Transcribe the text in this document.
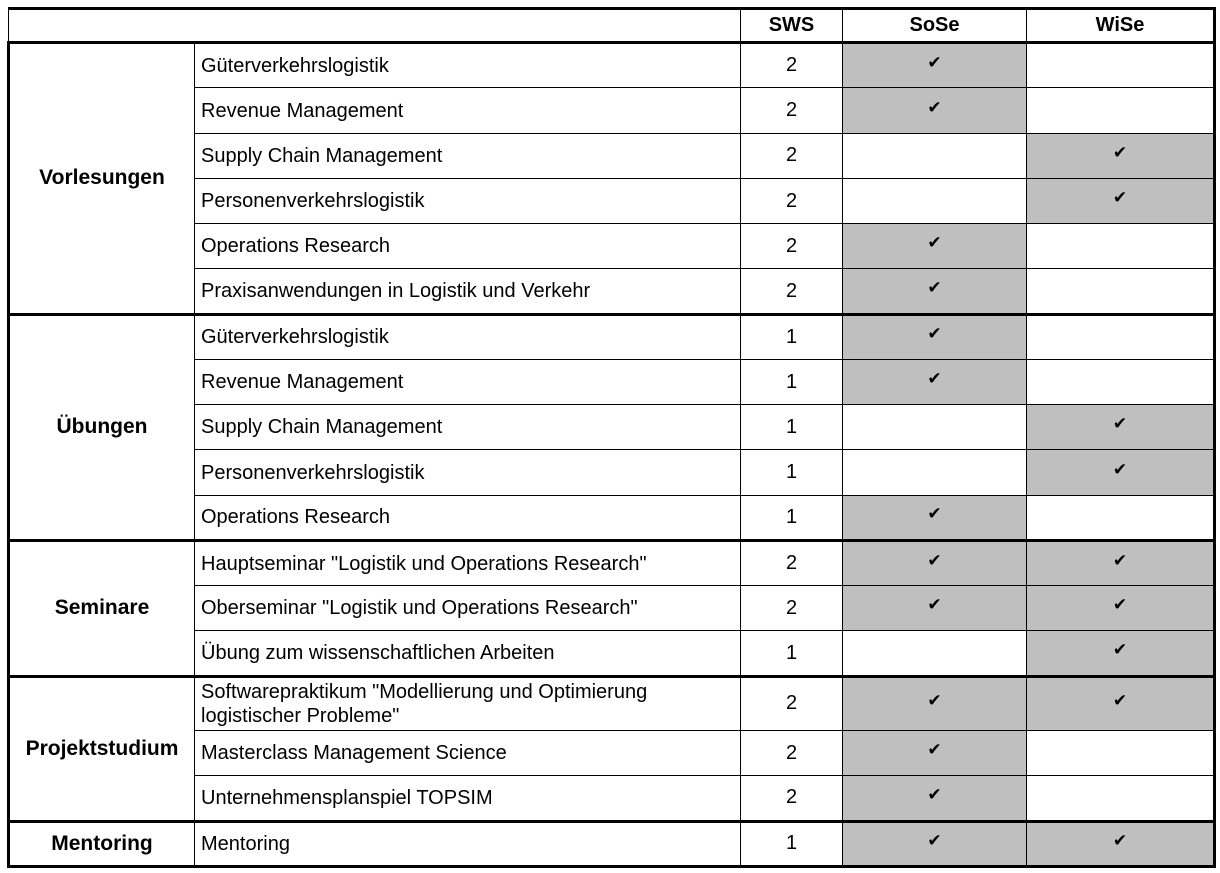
		SWS	SoSe	WiSe
Vorlesungen	Güterverkehrslogistik	2	✔	
	Revenue Management	2	✔	
	Supply Chain Management	2		✔
	Personenverkehrslogistik	2		✔
	Operations Research	2	✔	
	Praxisanwendungen in Logistik und Verkehr	2	✔	
Übungen	Güterverkehrslogistik	1	✔	
	Revenue Management	1	✔	
	Supply Chain Management	1		✔
	Personenverkehrslogistik	1		✔
	Operations Research	1	✔	
Seminare	Hauptseminar "Logistik und Operations Research"	2	✔	✔
	Oberseminar "Logistik und Operations Research"	2	✔	✔
	Übung zum wissenschaftlichen Arbeiten	1		✔
Projektstudium	Softwarepraktikum "Modellierung und Optimierung logistischer Probleme"	2	✔	✔
	Masterclass Management Science	2	✔	
	Unternehmensplanspiel TOPSIM	2	✔	
Mentoring	Mentoring	1	✔	✔
